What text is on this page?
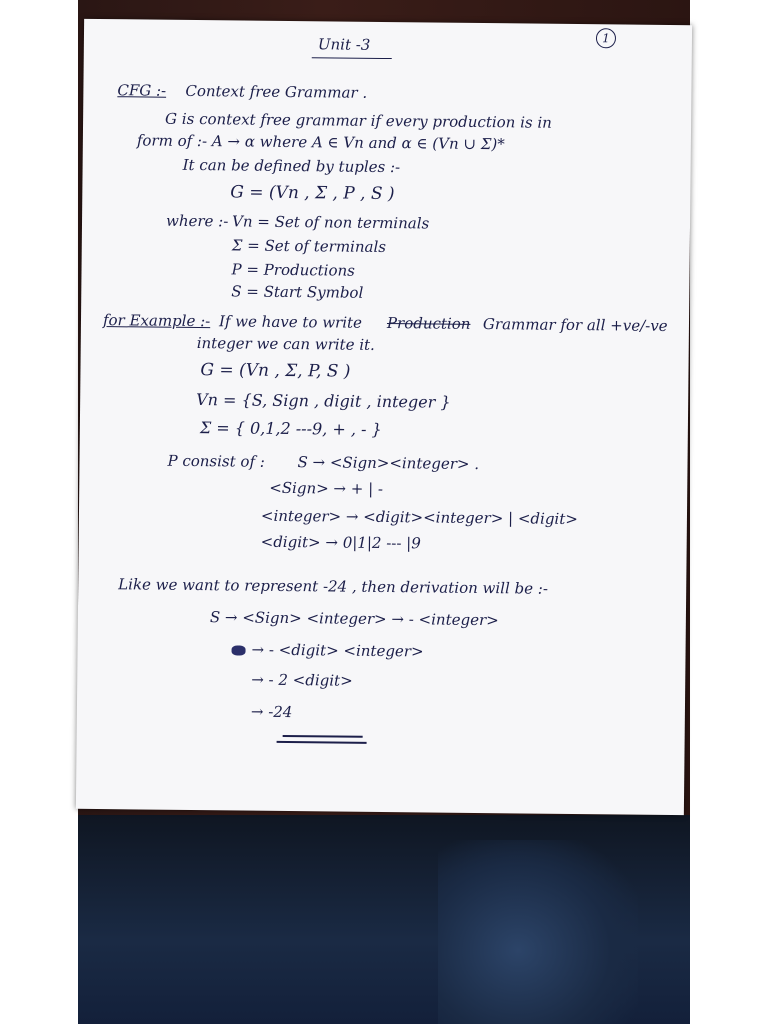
Unit -3	1
CFG :- Context free Grammar .
G is context free grammar if every production is in
form of :- A → α where A ∈ Vn and α ∈ (Vn ∪ Σ)*
It can be defined by tuples :-
G = (Vn , Σ , P , S )
where :- Vn = Set of non terminals
Σ = Set of terminals
P = Productions
S = Start Symbol
for Example :- If we have to write Production Grammar for all +ve/-ve
integer we can write it.
G = (Vn , Σ, P, S )
Vn = {S, Sign , digit , integer }
Σ = { 0,1,2 ---9, + , - }
P consist of : S → <Sign><integer> .
<Sign> → + | -
<integer> → <digit><integer> | <digit>
<digit> → 0|1|2 --- |9
Like we want to represent -24 , then derivation will be :-
S → <Sign> <integer> → - <integer>
→ - <digit> <integer>
→ - 2 <digit>
→ -24
